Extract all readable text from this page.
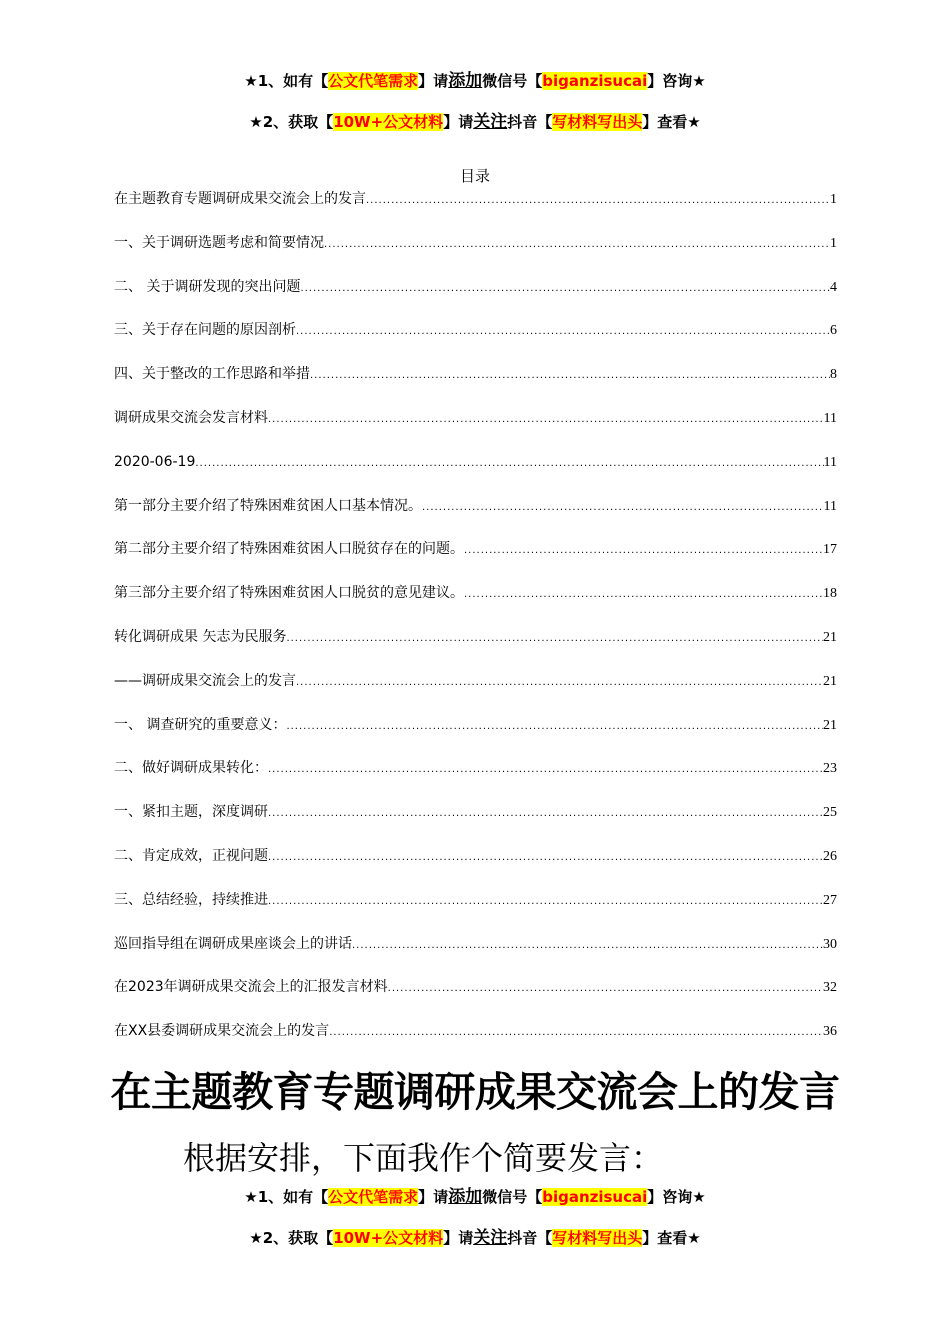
★1、如有【公文代笔需求】请添加微信号【biganzisucai】咨询★
★2、获取【10W+公文材料】请关注抖音【写材料写出头】查看★
目录
在主题教育专题调研成果交流会上的发言 .....	1
一、关于调研选题考虑和简要情况 .....	1
二、 关于调研发现的突出问题 .....	4
三、关于存在问题的原因剖析 .....	6
四、关于整改的工作思路和举措 .....	8
调研成果交流会发言材料 .....	11
2020-06-19 .....	11
第一部分主要介绍了特殊困难贫困人口基本情况。 .....	11
第二部分主要介绍了特殊困难贫困人口脱贫存在的问题。 .....	17
第三部分主要介绍了特殊困难贫困人口脱贫的意见建议。 .....	18
转化调研成果 矢志为民服务 .....	21
——调研成果交流会上的发言 .....	21
一、 调查研究的重要意义： .....	21
二、做好调研成果转化： .....	23
一、紧扣主题，深度调研 .....	25
二、肯定成效，正视问题 .....	26
三、总结经验，持续推进 .....	27
巡回指导组在调研成果座谈会上的讲话 .....	30
在2023年调研成果交流会上的汇报发言材料 .....	32
在XX县委调研成果交流会上的发言 .....	36
在主题教育专题调研成果交流会上的发言
根据安排，下面我作个简要发言：
★1、如有【公文代笔需求】请添加微信号【biganzisucai】咨询★
★2、获取【10W+公文材料】请关注抖音【写材料写出头】查看★
